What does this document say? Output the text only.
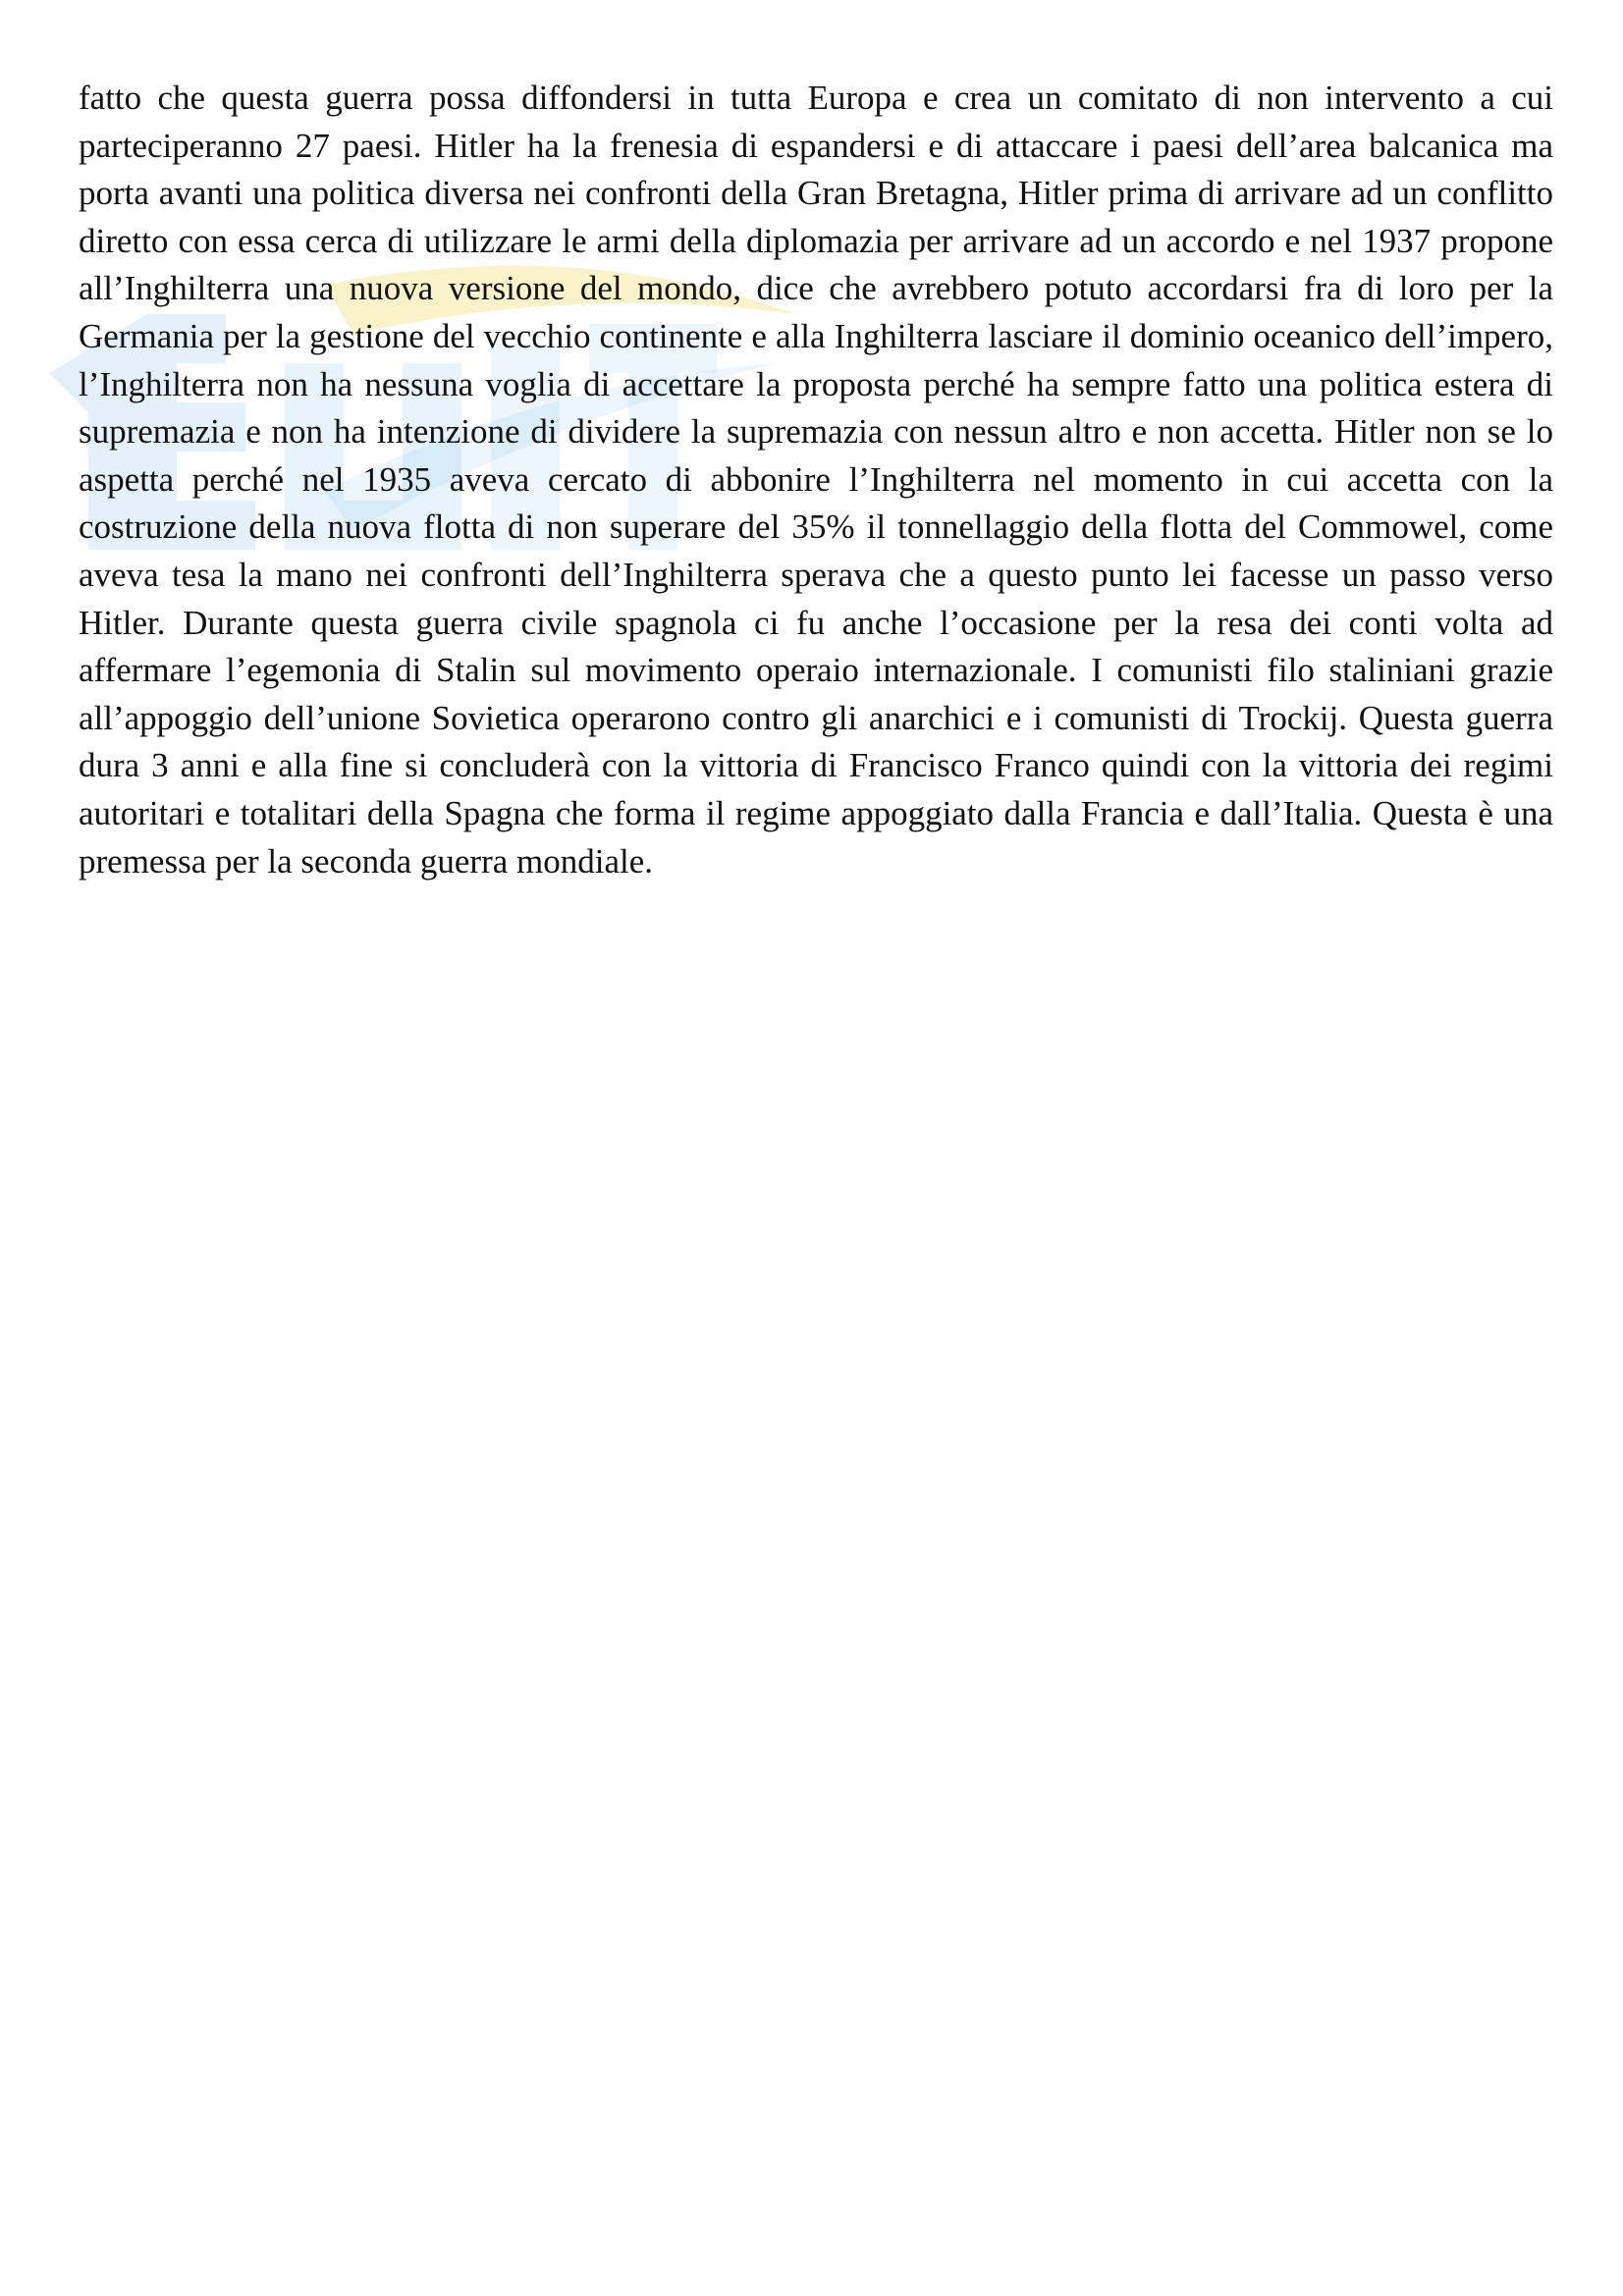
fatto che questa guerra possa diffondersi in tutta Europa e crea un comitato di non intervento a cui parteciperanno 27 paesi. Hitler ha la frenesia di espandersi e di attaccare i paesi dell’area balcanica ma porta avanti una politica diversa nei confronti della Gran Bretagna, Hitler prima di arrivare ad un conflitto diretto con essa cerca di utilizzare le armi della diplomazia per arrivare ad un accordo e nel 1937 propone all’Inghilterra una nuova versione del mondo, dice che avrebbero potuto accordarsi fra di loro per la Germania per la gestione del vecchio continente e alla Inghilterra lasciare il dominio oceanico dell’impero, l’Inghilterra non ha nessuna voglia di accettare la proposta perché ha sempre fatto una politica estera di supremazia e non ha intenzione di dividere la supremazia con nessun altro e non accetta. Hitler non se lo aspetta perché nel 1935 aveva cercato di abbonire l’Inghilterra nel momento in cui accetta con la costruzione della nuova flotta di non superare del 35% il tonnellaggio della flotta del Commowel, come aveva tesa la mano nei confronti dell’Inghilterra sperava che a questo punto lei facesse un passo verso Hitler. Durante questa guerra civile spagnola ci fu anche l’occasione per la resa dei conti volta ad affermare l’egemonia di Stalin sul movimento operaio internazionale. I comunisti filo staliniani grazie all’appoggio dell’unione Sovietica operarono contro gli anarchici e i comunisti di Trockij. Questa guerra dura 3 anni e alla fine si concluderà con la vittoria di Francisco Franco quindi con la vittoria dei regimi autoritari e totalitari della Spagna che forma il regime appoggiato dalla Francia e dall’Italia. Questa è una premessa per la seconda guerra mondiale.
